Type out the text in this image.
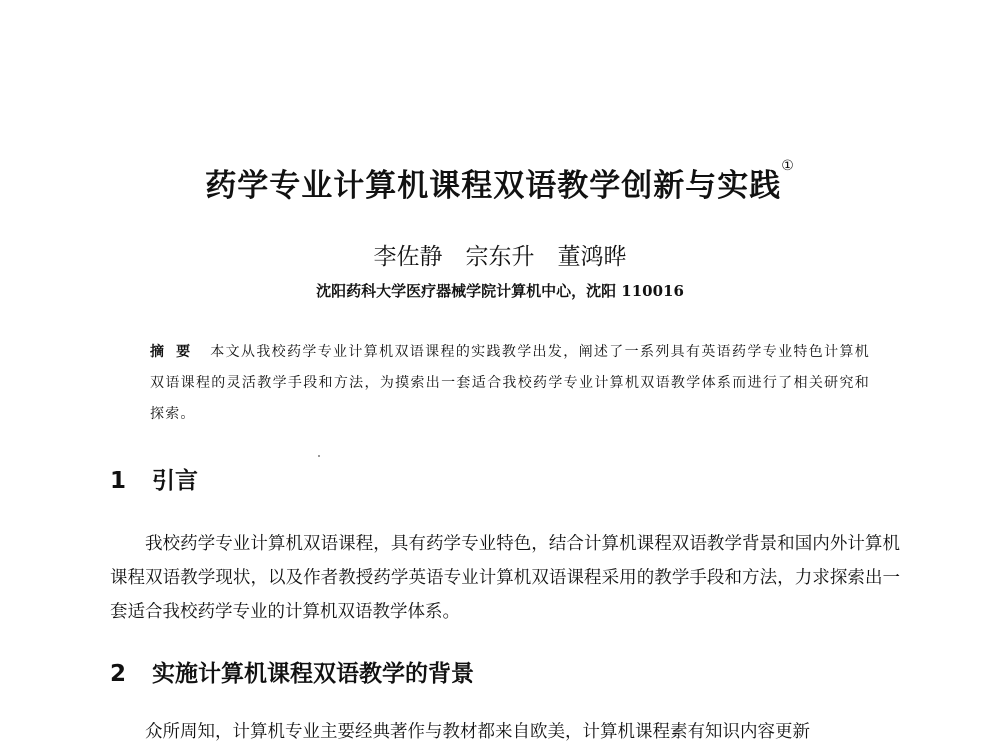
药学专业计算机课程双语教学创新与实践①
李佐静　宗东升　董鸿晔
沈阳药科大学医疗器械学院计算机中心，沈阳 110016
摘要 本文从我校药学专业计算机双语课程的实践教学出发，阐述了一系列具有英语药学专业特色计算机双语课程的灵活教学手段和方法，为摸索出一套适合我校药学专业计算机双语教学体系而进行了相关研究和探索。
1 引言

我校药学专业计算机双语课程，具有药学专业特色，结合计算机课程双语教学背景和国内外计算机课程双语教学现状，以及作者教授药学英语专业计算机双语课程采用的教学手段和方法，力求探索出一套适合我校药学专业的计算机双语教学体系。

2 实施计算机课程双语教学的背景

众所周知，计算机专业主要经典著作与教材都来自欧美，计算机课程素有知识内容更新
